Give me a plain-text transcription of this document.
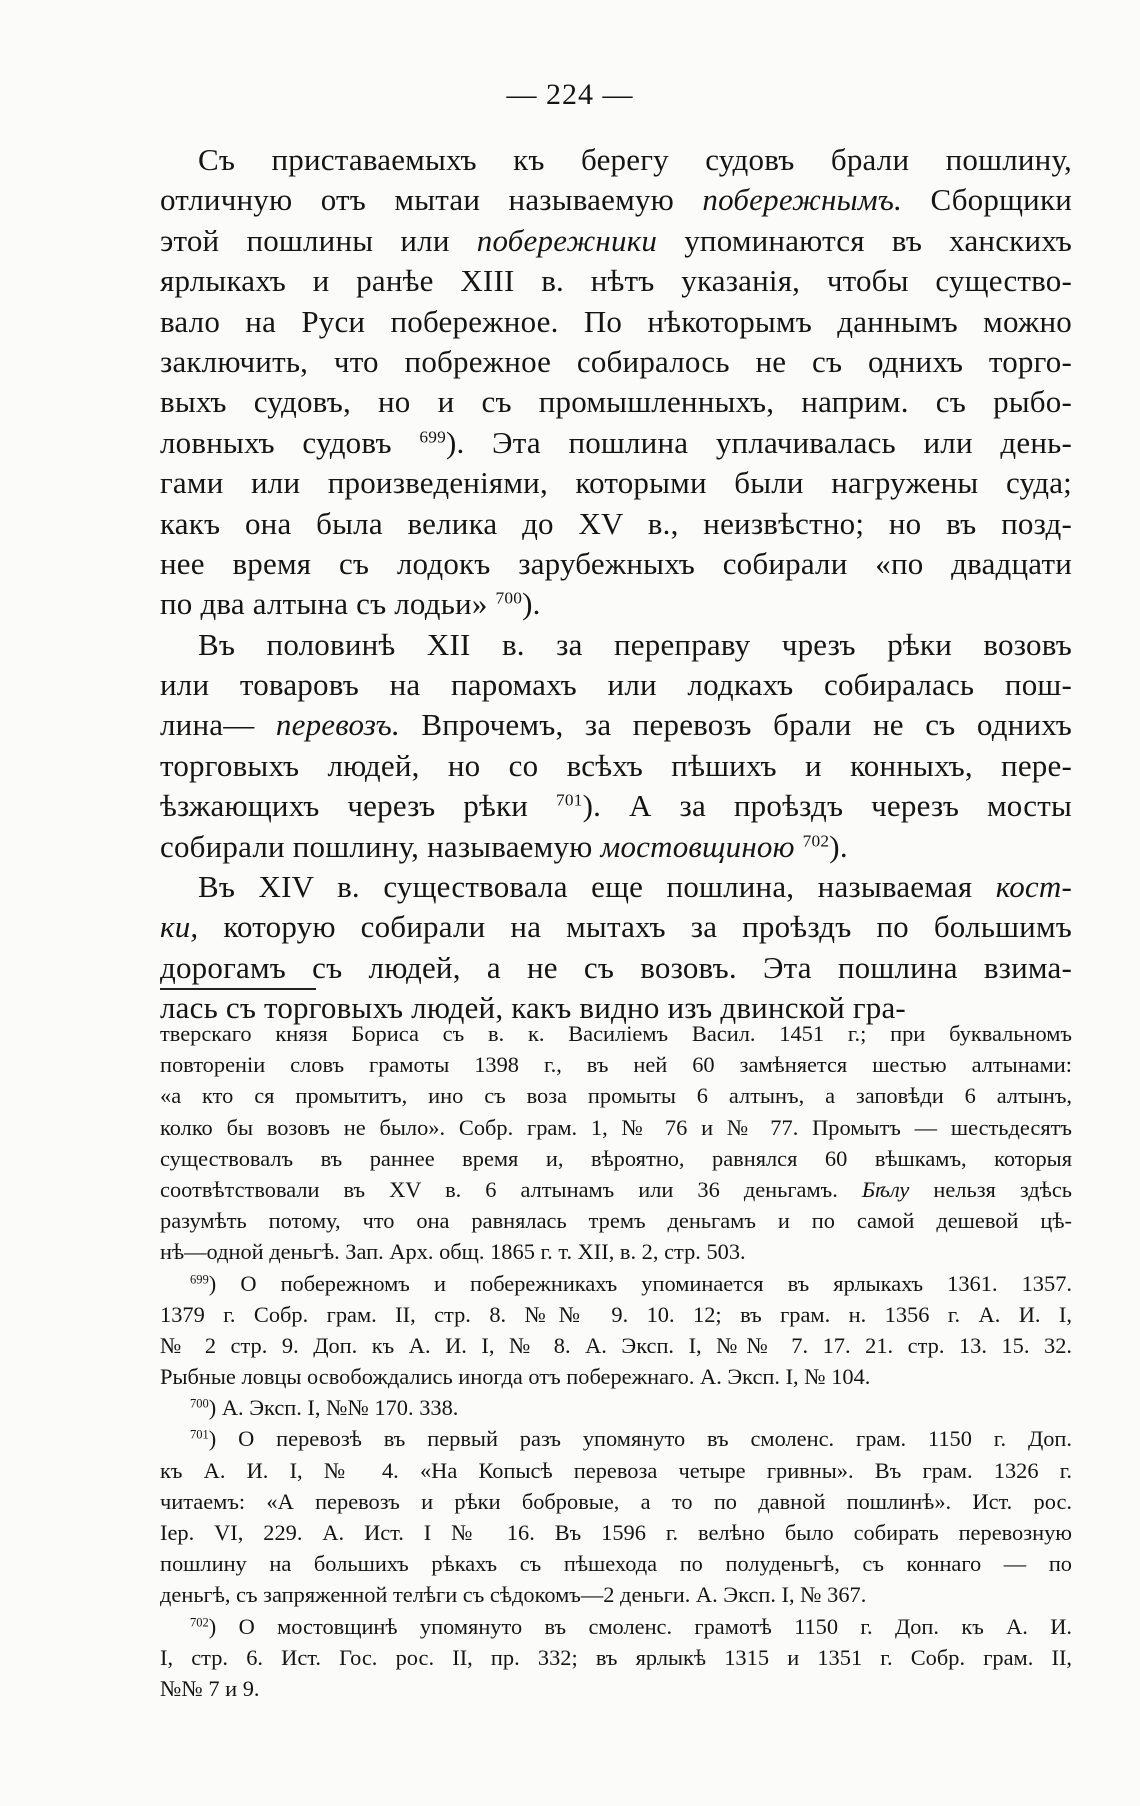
— 224 —
Съ приставаемыхъ къ берегу судовъ брали пошлину,
отличную отъ мытаи называемую побережнымъ. Сборщики
этой пошлины или побережники упоминаются въ ханскихъ
ярлыкахъ и ранѣе XIII в. нѣтъ указанія, чтобы существо-
вало на Руси побережное. По нѣкоторымъ даннымъ можно
заключить, что побрежное собиралось не съ однихъ торго-
выхъ судовъ, но и съ промышленныхъ, наприм. съ рыбо-
ловныхъ судовъ $^{699}$). Эта пошлина уплачивалась или день-
гами или произведеніями, которыми были нагружены суда;
какъ она была велика до XV в., неизвѣстно; но въ позд-
нее время съ лодокъ зарубежныхъ собирали «по двадцати
по два алтына съ лодьи» $^{700}$).
Въ половинѣ XII в. за переправу чрезъ рѣки возовъ
или товаровъ на паромахъ или лодкахъ собиралась пош-
лина— перевозъ. Впрочемъ, за перевозъ брали не съ однихъ
торговыхъ людей, но со всѣхъ пѣшихъ и конныхъ, пере-
ѣзжающихъ черезъ рѣки $^{701}$). А за проѣздъ черезъ мосты
собирали пошлину, называемую мостовщиною $^{702}$).
Въ XIV в. существовала еще пошлина, называемая кост-
ки, которую собирали на мытахъ за проѣздъ по большимъ
дорогамъ съ людей, а не съ возовъ. Эта пошлина взима-
лась съ торговыхъ людей, какъ видно изъ двинской гра-
тверскаго князя Бориса съ в. к. Василіемъ Васил. 1451 г.; при буквальномъ
повтореніи словъ грамоты 1398 г., въ ней 60 замѣняется шестью алтынами:
«а кто ся промытитъ, ино съ воза промыты 6 алтынъ, а заповѣди 6 алтынъ,
колко бы возовъ не было». Собр. грам. 1, № 76 и № 77. Промытъ — шестьдесятъ
существовалъ въ раннее время и, вѣроятно, равнялся 60 вѣшкамъ, которыя
соотвѣтствовали въ XV в. 6 алтынамъ или 36 деньгамъ. Бѣлу нельзя здѣсь
разумѣть потому, что она равнялась тремъ деньгамъ и по самой дешевой цѣ-
нѣ—одной деньгѣ. Зап. Арх. общ. 1865 г. т. XII, в. 2, стр. 503.
$^{699}$) О побережномъ и побережникахъ упоминается въ ярлыкахъ 1361. 1357.
1379 г. Собр. грам. II, стр. 8. №№ 9. 10. 12; въ грам. н. 1356 г. А. И. I,
№ 2 стр. 9. Доп. къ А. И. I, № 8. А. Эксп. I, №№ 7. 17. 21. стр. 13. 15. 32.
Рыбные ловцы освобождались иногда отъ побережнаго. А. Эксп. I, № 104.
$^{700}$) А. Эксп. I, №№ 170. 338.
$^{701}$) О перевозѣ въ первый разъ упомянуто въ смоленс. грам. 1150 г. Доп.
къ А. И. I, № 4. «На Копысѣ перевоза четыре гривны». Въ грам. 1326 г.
читаемъ: «А перевозъ и рѣки бобровые, а то по давной пошлинѣ». Ист. рос.
Iер. VI, 229. А. Ист. I № 16. Въ 1596 г. велѣно было собирать перевозную
пошлину на большихъ рѣкахъ съ пѣшехода по полуденьгѣ, съ коннаго — по
деньгѣ, съ запряженной телѣги съ сѣдокомъ—2 деньги. А. Эксп. I, № 367.
$^{702}$) О мостовщинѣ упомянуто въ смоленс. грамотѣ 1150 г. Доп. къ А. И.
I, стр. 6. Ист. Гос. рос. II, пр. 332; въ ярлыкѣ 1315 и 1351 г. Собр. грам. II,
№№ 7 и 9.
